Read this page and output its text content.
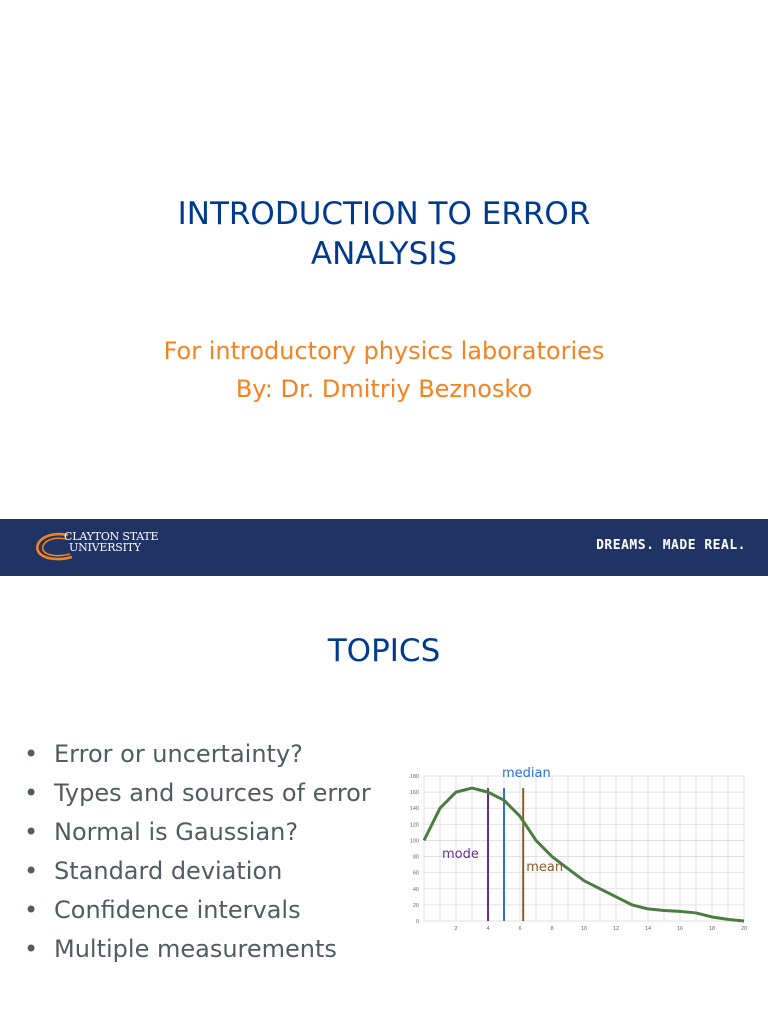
INTRODUCTION TO ERROR
ANALYSIS
For introductory physics laboratories
By: Dr. Dmitriy Beznosko
CLAYTON STATE
UNIVERSITY	DREAMS. MADE REAL.
TOPICS
• Error or uncertainty?
• Types and sources of error
• Normal is Gaussian?
• Standard deviation
• Confidence intervals
• Multiple measurements
0
20
40
60
80
100
120
140
160
180
2	4	6	8	10	12	14	16	18	20
mode
median
mean
